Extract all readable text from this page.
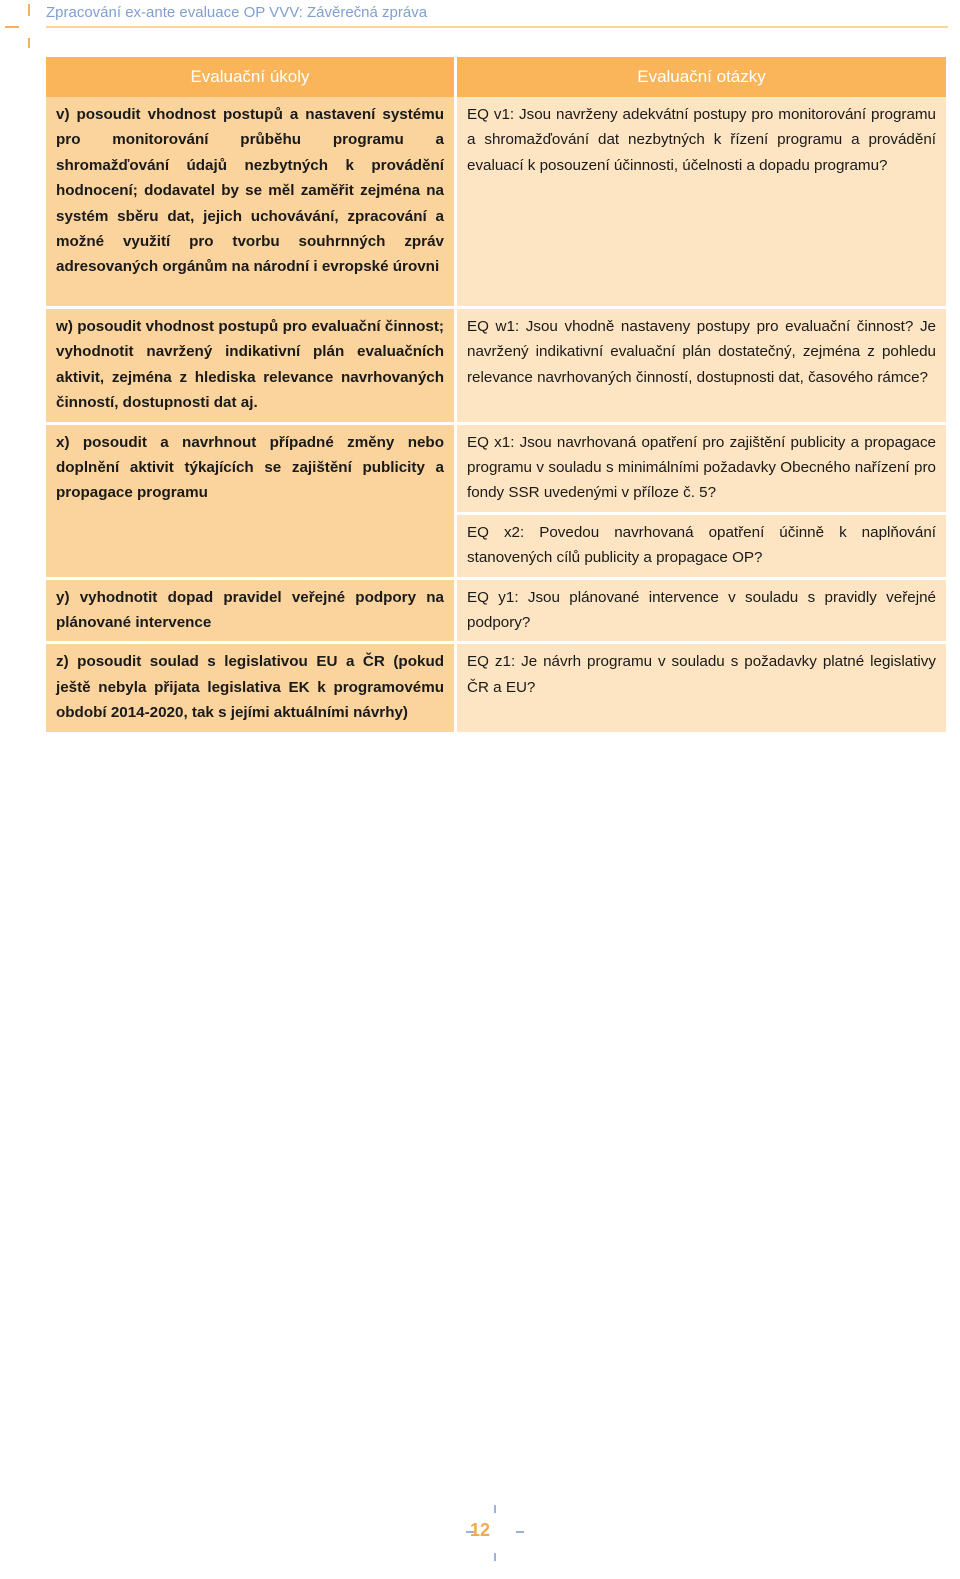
Zpracování ex-ante evaluace OP VVV: Závěrečná zpráva
Evaluační úkoly	Evaluační otázky
v) posoudit vhodnost postupů a nastavení systému pro monitorování průběhu programu a shromažďování údajů nezbytných k provádění hodnocení; dodavatel by se měl zaměřit zejména na systém sběru dat, jejich uchovávání, zpracování a možné využití pro tvorbu souhrnných zpráv adresovaných orgánům na národní i evropské úrovni	EQ v1: Jsou navrženy adekvátní postupy pro monitorování programu a shromažďování dat nezbytných k řízení programu a provádění evaluací k posouzení účinnosti, účelnosti a dopadu programu?
w) posoudit vhodnost postupů pro evaluační činnost; vyhodnotit navržený indikativní plán evaluačních aktivit, zejména z hlediska relevance navrhovaných činností, dostupnosti dat aj.	EQ w1: Jsou vhodně nastaveny postupy pro evaluační činnost? Je navržený indikativní evaluační plán dostatečný, zejména z pohledu relevance navrhovaných činností, dostupnosti dat, časového rámce?
x) posoudit a navrhnout případné změny nebo doplnění aktivit týkajících se zajištění publicity a propagace programu	EQ x1: Jsou navrhovaná opatření pro zajištění publicity a propagace programu v souladu s minimálními požadavky Obecného nařízení pro fondy SSR uvedenými v příloze č. 5?
	EQ x2: Povedou navrhovaná opatření účinně k naplňování stanovených cílů publicity a propagace OP?
y) vyhodnotit dopad pravidel veřejné podpory na plánované intervence	EQ y1: Jsou plánované intervence v souladu s pravidly veřejné podpory?
z) posoudit soulad s legislativou EU a ČR (pokud ještě nebyla přijata legislativa EK k programovému období 2014-2020, tak s jejími aktuálními návrhy)	EQ z1: Je návrh programu v souladu s požadavky platné legislativy ČR a EU?
12
